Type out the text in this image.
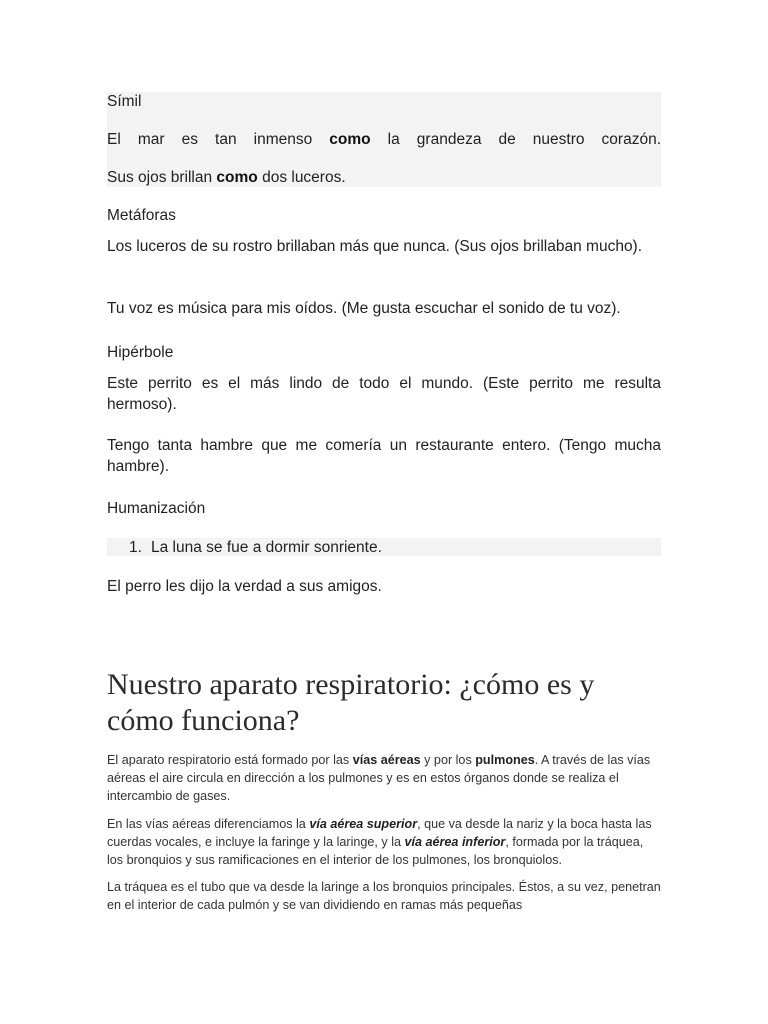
Símil

El mar es tan inmenso como la grandeza de nuestro corazón.

Sus ojos brillan como dos luceros.

Metáforas

Los luceros de su rostro brillaban más que nunca. (Sus ojos brillaban mucho).

Tu voz es música para mis oídos. (Me gusta escuchar el sonido de tu voz).

Hipérbole

Este perrito es el más lindo de todo el mundo. (Este perrito me resulta hermoso).

Tengo tanta hambre que me comería un restaurante entero. (Tengo mucha hambre).

Humanización

1. La luna se fue a dormir sonriente.

El perro les dijo la verdad a sus amigos.

Nuestro aparato respiratorio: ¿cómo es y cómo funciona?

El aparato respiratorio está formado por las vías aéreas y por los pulmones. A través de las vías aéreas el aire circula en dirección a los pulmones y es en estos órganos donde se realiza el intercambio de gases.

En las vías aéreas diferenciamos la vía aérea superior, que va desde la nariz y la boca hasta las cuerdas vocales, e incluye la faringe y la laringe, y la vía aérea inferior, formada por la tráquea, los bronquios y sus ramificaciones en el interior de los pulmones, los bronquiolos.

La tráquea es el tubo que va desde la laringe a los bronquios principales. Éstos, a su vez, penetran en el interior de cada pulmón y se van dividiendo en ramas más pequeñas
